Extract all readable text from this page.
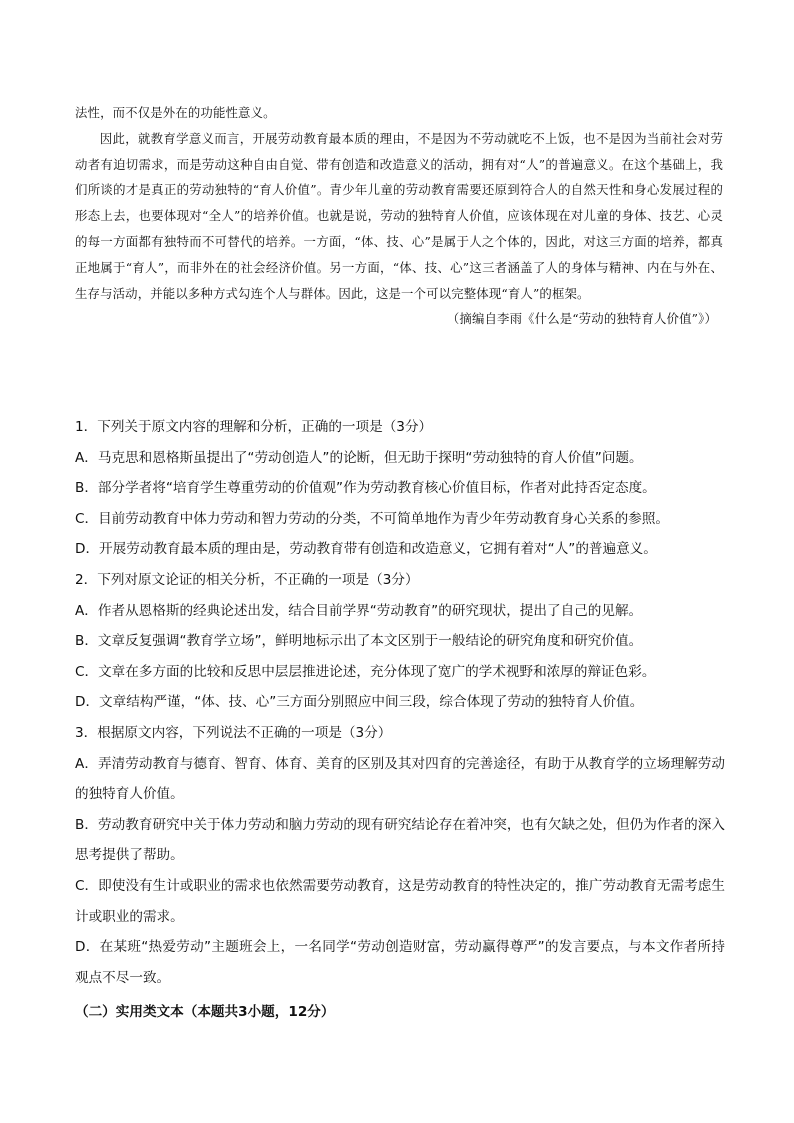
法性，而不仅是外在的功能性意义。

因此，就教育学意义而言，开展劳动教育最本质的理由，不是因为不劳动就吃不上饭，也不是因为当前社会对劳动者有迫切需求，而是劳动这种自由自觉、带有创造和改造意义的活动，拥有对“人”的普遍意义。在这个基础上，我们所谈的才是真正的劳动独特的“育人价值”。青少年儿童的劳动教育需要还原到符合人的自然天性和身心发展过程的形态上去，也要体现对“全人”的培养价值。也就是说，劳动的独特育人价值，应该体现在对儿童的身体、技艺、心灵的每一方面都有独特而不可替代的培养。一方面，“体、技、心”是属于人之个体的，因此，对这三方面的培养，都真正地属于“育人”，而非外在的社会经济价值。另一方面，“体、技、心”这三者涵盖了人的身体与精神、内在与外在、生存与活动，并能以多种方式勾连个人与群体。因此，这是一个可以完整体现“育人”的框架。

（摘编自李雨《什么是“劳动的独特育人价值”》）

1．下列关于原文内容的理解和分析，正确的一项是（3分）

A．马克思和恩格斯虽提出了“劳动创造人”的论断，但无助于探明“劳动独特的育人价值”问题。

B．部分学者将“培育学生尊重劳动的价值观”作为劳动教育核心价值目标，作者对此持否定态度。

C．目前劳动教育中体力劳动和智力劳动的分类，不可简单地作为青少年劳动教育身心关系的参照。

D．开展劳动教育最本质的理由是，劳动教育带有创造和改造意义，它拥有着对“人”的普遍意义。

2．下列对原文论证的相关分析，不正确的一项是（3分）

A．作者从恩格斯的经典论述出发，结合目前学界“劳动教育”的研究现状，提出了自己的见解。

B．文章反复强调“教育学立场”，鲜明地标示出了本文区别于一般结论的研究角度和研究价值。

C．文章在多方面的比较和反思中层层推进论述，充分体现了宽广的学术视野和浓厚的辩证色彩。

D．文章结构严谨，“体、技、心”三方面分别照应中间三段，综合体现了劳动的独特育人价值。

3．根据原文内容，下列说法不正确的一项是（3分）

A．弄清劳动教育与德育、智育、体育、美育的区别及其对四育的完善途径，有助于从教育学的立场理解劳动的独特育人价值。

B．劳动教育研究中关于体力劳动和脑力劳动的现有研究结论存在着冲突，也有欠缺之处，但仍为作者的深入思考提供了帮助。

C．即使没有生计或职业的需求也依然需要劳动教育，这是劳动教育的特性决定的，推广劳动教育无需考虑生计或职业的需求。

D．在某班“热爱劳动”主题班会上，一名同学“劳动创造财富，劳动赢得尊严”的发言要点，与本文作者所持观点不尽一致。

（二）实用类文本（本题共3小题，12分）
